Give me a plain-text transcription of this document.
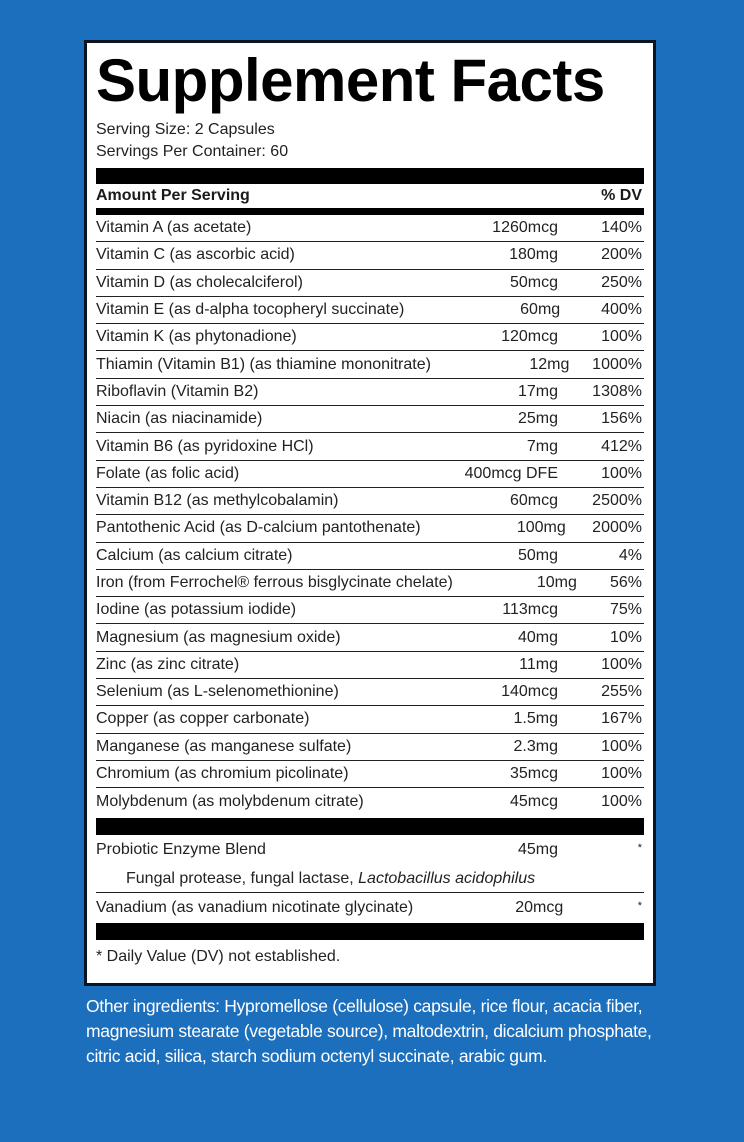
Supplement Facts
Serving Size: 2 Capsules
Servings Per Container: 60
Amount Per Serving	% DV
Vitamin A (as acetate)	1260mcg	140%
Vitamin C (as ascorbic acid)	180mg	200%
Vitamin D (as cholecalciferol)	50mcg	250%
Vitamin E (as d-alpha tocopheryl succinate)	60mg	400%
Vitamin K (as phytonadione)	120mcg	100%
Thiamin (Vitamin B1) (as thiamine mononitrate)	12mg	1000%
Riboflavin (Vitamin B2)	17mg	1308%
Niacin (as niacinamide)	25mg	156%
Vitamin B6 (as pyridoxine HCl)	7mg	412%
Folate (as folic acid)	400mcg DFE	100%
Vitamin B12 (as methylcobalamin)	60mcg	2500%
Pantothenic Acid (as D-calcium pantothenate)	100mg	2000%
Calcium (as calcium citrate)	50mg	4%
Iron (from Ferrochel® ferrous bisglycinate chelate)	10mg	56%
Iodine (as potassium iodide)	113mcg	75%
Magnesium (as magnesium oxide)	40mg	10%
Zinc (as zinc citrate)	11mg	100%
Selenium (as L-selenomethionine)	140mcg	255%
Copper (as copper carbonate)	1.5mg	167%
Manganese (as manganese sulfate)	2.3mg	100%
Chromium (as chromium picolinate)	35mcg	100%
Molybdenum (as molybdenum citrate)	45mcg	100%
Probiotic Enzyme Blend	45mg	*
Fungal protease, fungal lactase, Lactobacillus acidophilus
Vanadium (as vanadium nicotinate glycinate)	20mcg	*
* Daily Value (DV) not established.
Other ingredients: Hypromellose (cellulose) capsule, rice flour, acacia fiber, magnesium stearate (vegetable source), maltodextrin, dicalcium phosphate, citric acid, silica, starch sodium octenyl succinate, arabic gum.
